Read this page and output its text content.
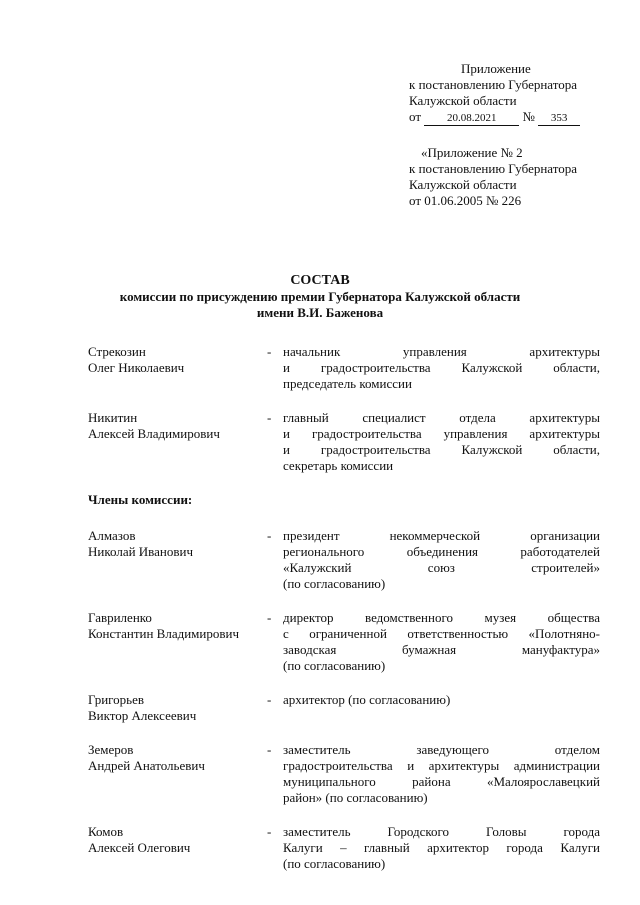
Приложение
к постановлению Губернатора
Калужской области
от 20.08.2021 № 353
«Приложение № 2
к постановлению Губернатора
Калужской области
от 01.06.2005 № 226
СОСТАВ
комиссии по присуждению премии Губернатора Калужской области
имени В.И. Баженова
Стрекозин
Олег Николаевич
- начальник управления архитектуры
и градостроительства Калужской области,
председатель комиссии
Никитин
Алексей Владимирович
- главный специалист отдела архитектуры
и градостроительства управления архитектуры
и градостроительства Калужской области,
секретарь комиссии
Члены комиссии:
Алмазов
Николай Иванович
- президент некоммерческой организации
регионального объединения работодателей
«Калужский союз строителей»
(по согласованию)
Гавриленко
Константин Владимирович
- директор ведомственного музея общества
с ограниченной ответственностью «Полотняно-
заводская бумажная мануфактура»
(по согласованию)
Григорьев
Виктор Алексеевич
- архитектор (по согласованию)
Земеров
Андрей Анатольевич
- заместитель заведующего отделом
градостроительства и архитектуры администрации
муниципального района «Малоярославецкий
район» (по согласованию)
Комов
Алексей Олегович
- заместитель Городского Головы города
Калуги – главный архитектор города Калуги
(по согласованию)
